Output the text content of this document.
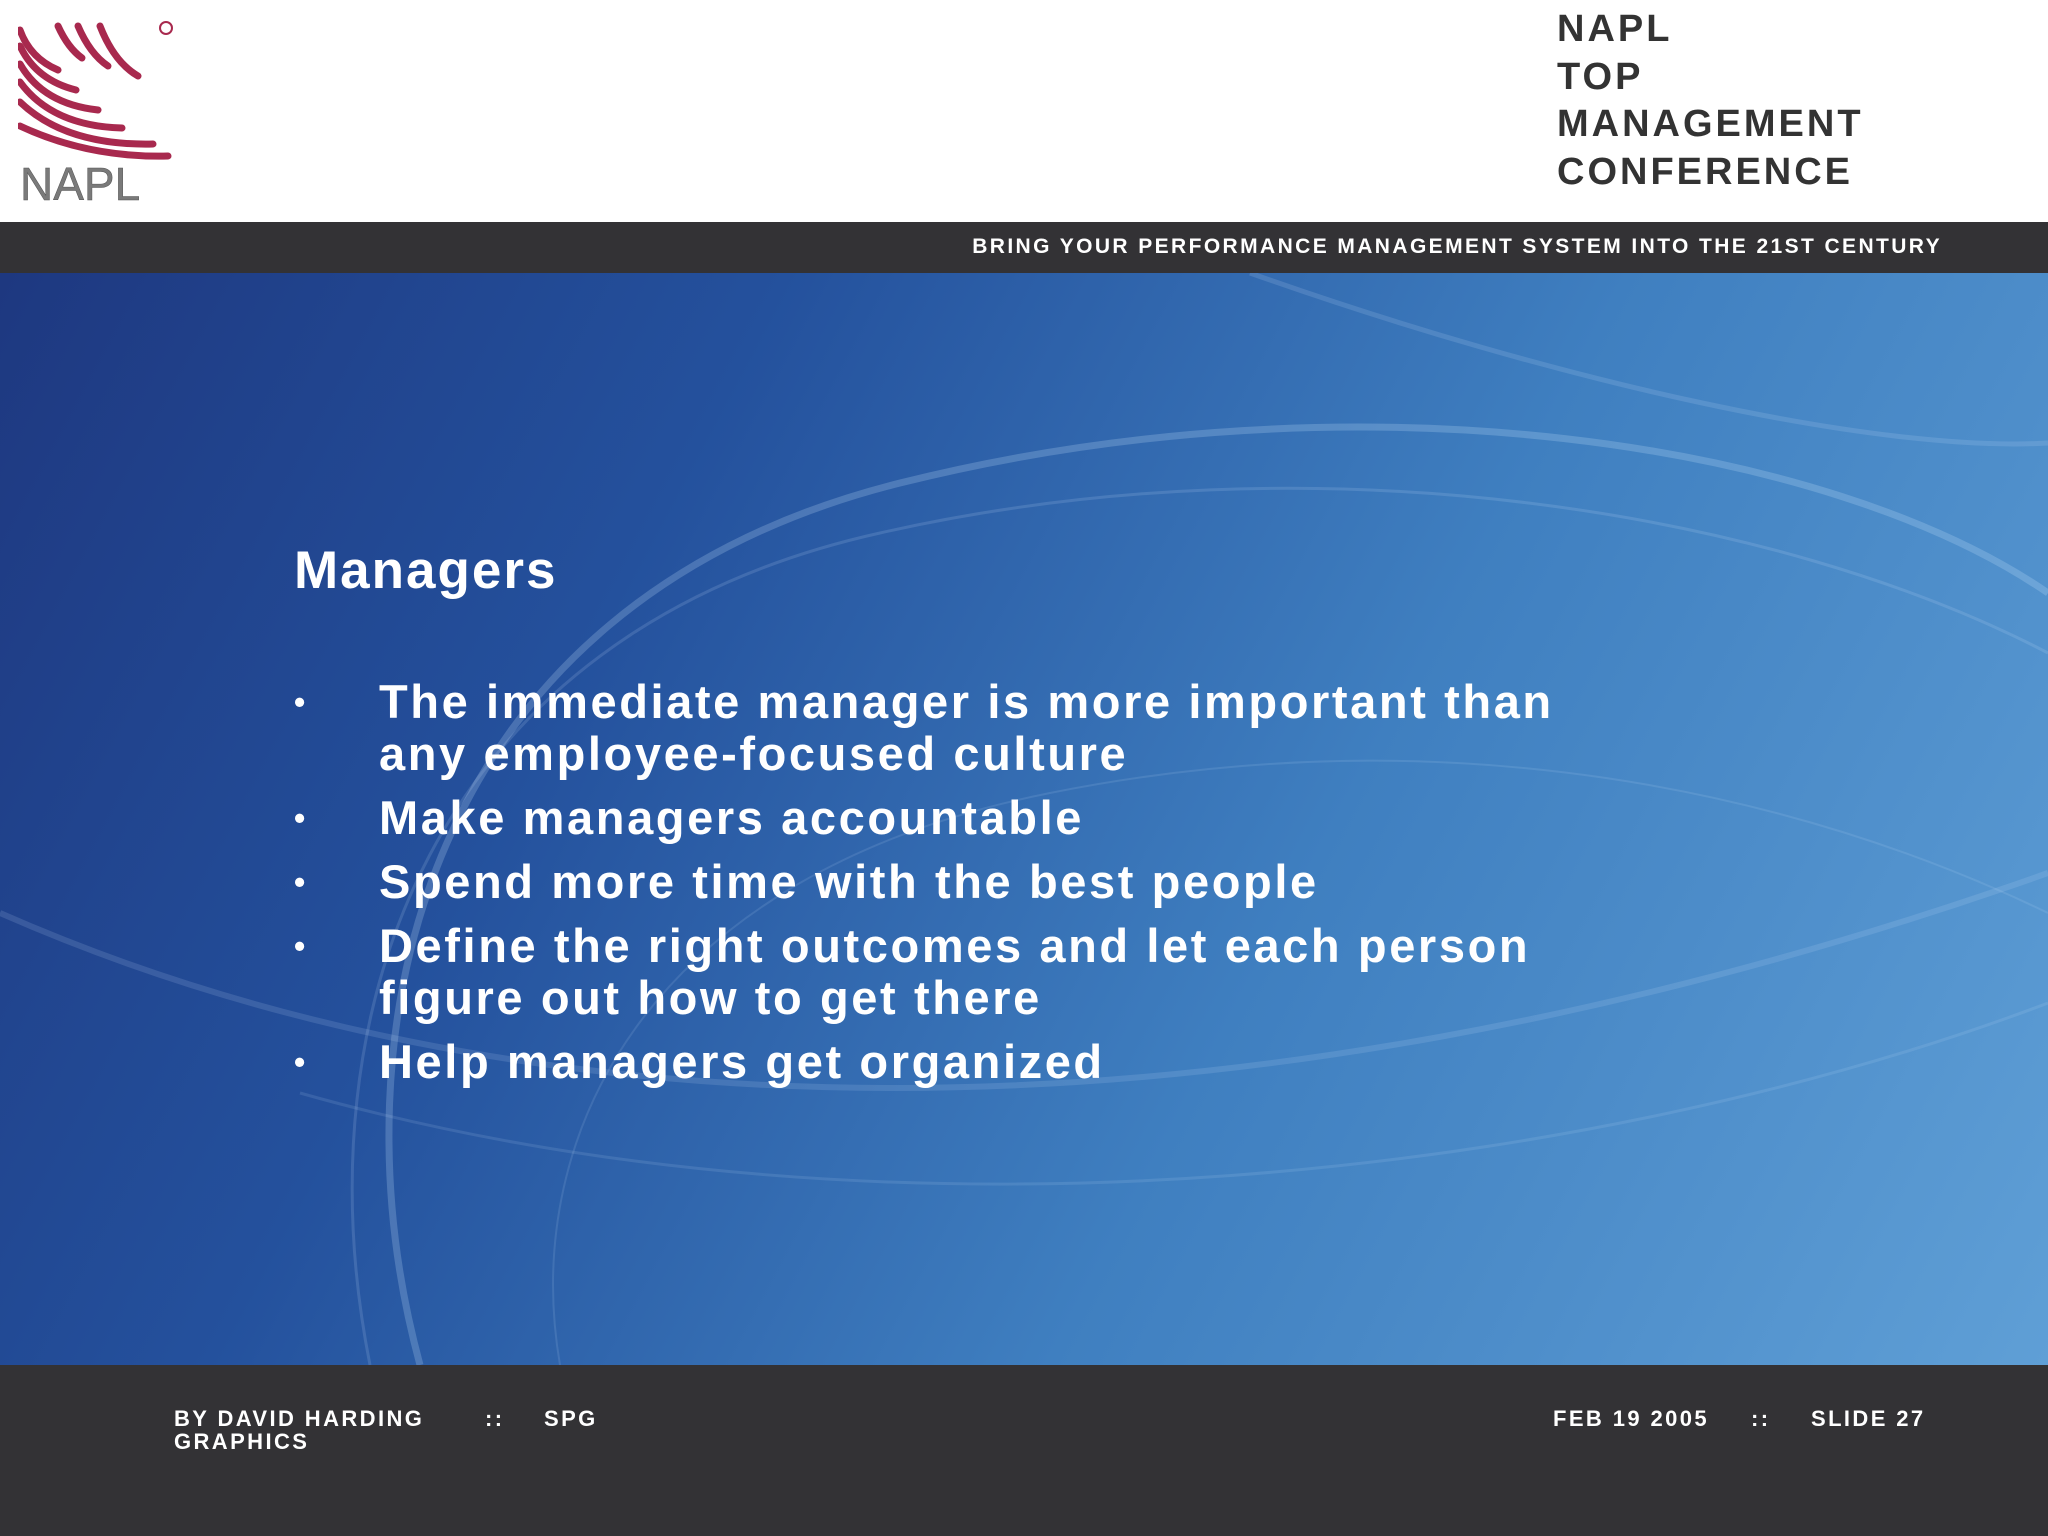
NAPL
NAPL
TOP
MANAGEMENT
CONFERENCE
Managers
• The immediate manager is more important than
any employee-focused culture
• Make managers accountable
• Spend more time with the best people
• Define the right outcomes and let each person
figure out how to get there
• Help managers get organized
BRING YOUR PERFORMANCE MANAGEMENT SYSTEM INTO THE 21ST CENTURY
BY DAVID HARDING
GRAPHICS
:: SPG	FEB 19 2005 :: SLIDE 27
